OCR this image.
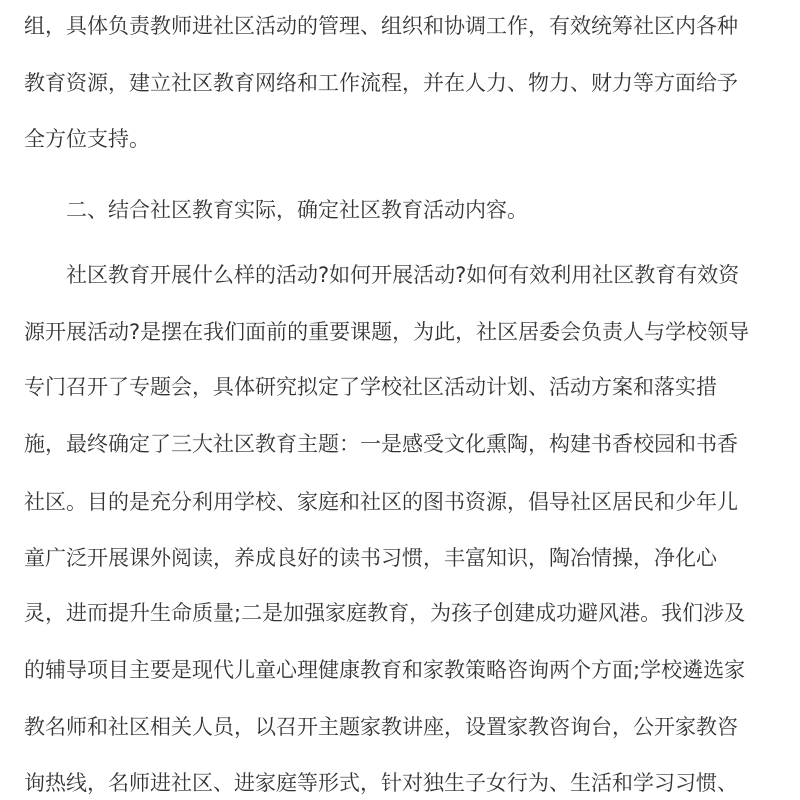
组，具体负责教师进社区活动的管理、组织和协调工作，有效统筹社区内各种
教育资源，建立社区教育网络和工作流程，并在人力、物力、财力等方面给予
全方位支持。
二、结合社区教育实际，确定社区教育活动内容。
社区教育开展什么样的活动?如何开展活动?如何有效利用社区教育有效资
源开展活动?是摆在我们面前的重要课题，为此，社区居委会负责人与学校领导
专门召开了专题会，具体研究拟定了学校社区活动计划、活动方案和落实措
施，最终确定了三大社区教育主题：一是感受文化熏陶，构建书香校园和书香
社区。目的是充分利用学校、家庭和社区的图书资源，倡导社区居民和少年儿
童广泛开展课外阅读，养成良好的读书习惯，丰富知识，陶冶情操，净化心
灵，进而提升生命质量;二是加强家庭教育，为孩子创建成功避风港。我们涉及
的辅导项目主要是现代儿童心理健康教育和家教策略咨询两个方面;学校遴选家
教名师和社区相关人员，以召开主题家教讲座，设置家教咨询台，公开家教咨
询热线，名师进社区、进家庭等形式，针对独生子女行为、生活和学习习惯、
